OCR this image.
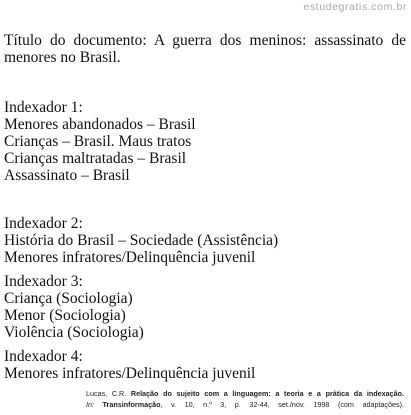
estudegratis.com.br

Título do documento: A guerra dos meninos: assassinato de menores no Brasil.

Indexador 1:

Menores abandonados – Brasil

Crianças – Brasil. Maus tratos

Crianças maltratadas – Brasil

Assassinato – Brasil

Indexador 2:

História do Brasil – Sociedade (Assistência)

Menores infratores/Delinquência juvenil

Indexador 3:

Criança (Sociologia)

Menor (Sociologia)

Violência (Sociologia)

Indexador 4:

Menores infratores/Delinquência juvenil

Lucas, C.R. Relação do sujeito com a linguagem: a teoria e a prática da indexação.

In: Transinformação, v. 10, n.º 3, p. 32-44, set./nov. 1998 (com adaptações).
